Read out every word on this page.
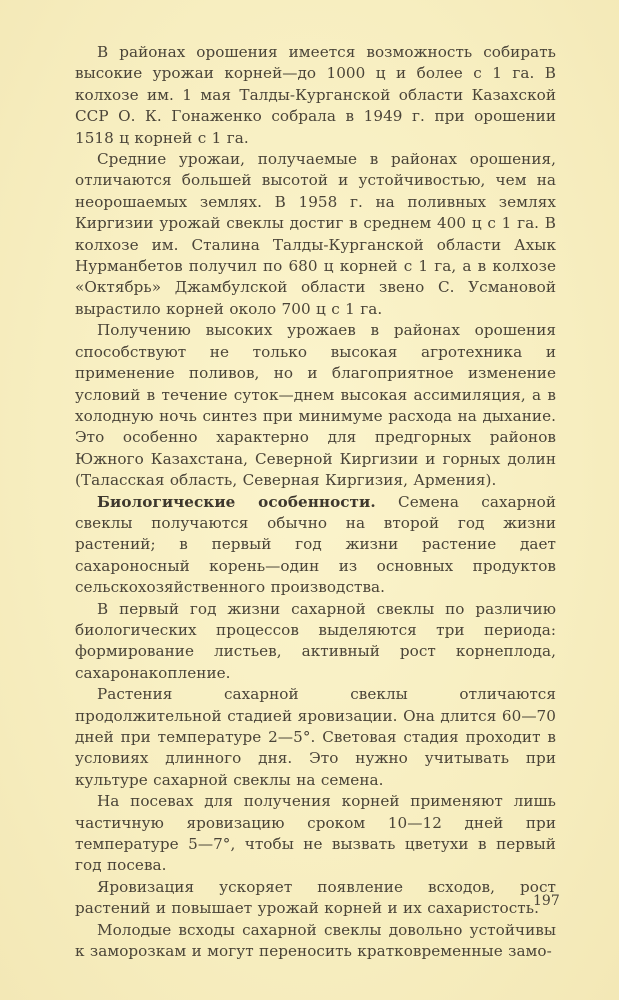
В районах орошения имеется возможность собирать высокие урожаи корней—до 1000 ц и более с 1 га. В колхозе им. 1 мая Талды-Курганской области Казахской ССР О. К. Гонаженко собрала в 1949 г. при орошении 1518 ц корней с 1 га.

Средние урожаи, получаемые в районах орошения, отличаются большей высотой и устойчивостью, чем на неорошаемых землях. В 1958 г. на поливных землях Киргизии урожай свеклы достиг в среднем 400 ц с 1 га. В колхозе им. Сталина Талды-Курганской области Ахык Нурманбетов получил по 680 ц корней с 1 га, а в колхозе «Октябрь» Джамбулской области звено С. Усмановой вырастило корней около 700 ц с 1 га.

Получению высоких урожаев в районах орошения способствуют не только высокая агротехника и применение поливов, но и благоприятное изменение условий в течение суток—днем высокая ассимиляция, а в холодную ночь синтез при минимуме расхода на дыхание. Это особенно характерно для предгорных районов Южного Казахстана, Северной Киргизии и горных долин (Таласская область, Северная Киргизия, Армения).

Биологические особенности. Семена сахарной свеклы получаются обычно на второй год жизни растений; в первый год жизни растение дает сахароносный корень—один из основных продуктов сельскохозяйственного производства.

В первый год жизни сахарной свеклы по различию биологических процессов выделяются три периода: формирование листьев, активный рост корнеплода, сахаронакопление.

Растения сахарной свеклы отличаются продолжительной стадией яровизации. Она длится 60—70 дней при температуре 2—5°. Световая стадия проходит в условиях длинного дня. Это нужно учитывать при культуре сахарной свеклы на семена.

На посевах для получения корней применяют лишь частичную яровизацию сроком 10—12 дней при температуре 5—7°, чтобы не вызвать цветухи в первый год посева.

Яровизация ускоряет появление всходов, рост растений и повышает урожай корней и их сахаристость.

Молодые всходы сахарной свеклы довольно устойчивы к заморозкам и могут переносить кратковременные замо-

197
